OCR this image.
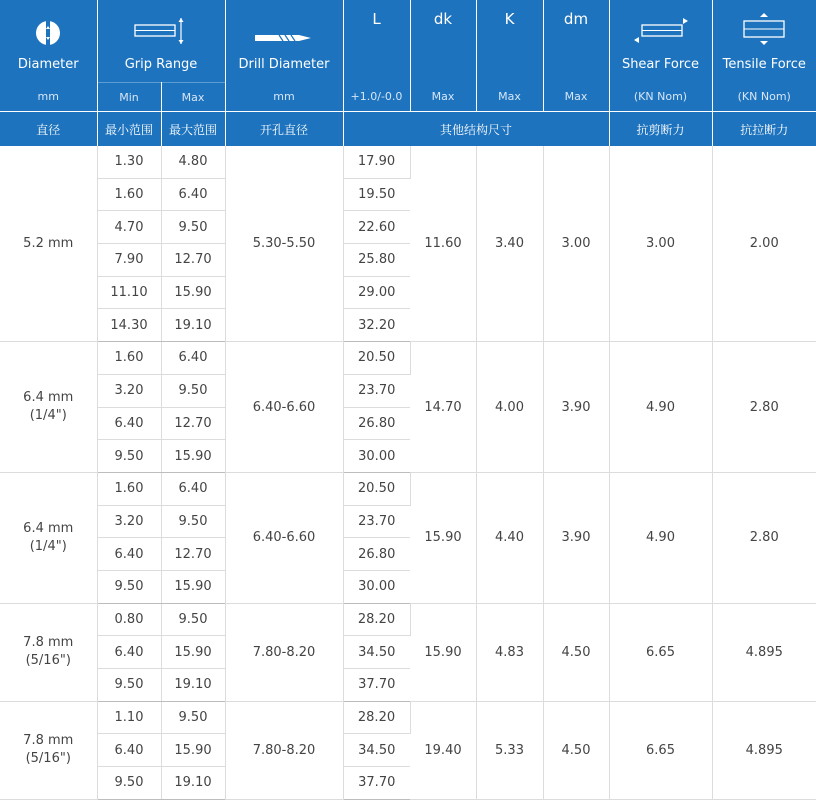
	L	dk	K	dm	

Diameter	Grip Range		Drill Diameter					Shear Force	Tensile Force
mm	Min	Max	mm	+1.0/-0.0	Max	Max	Max	(KN Nom)	(KN Nom)
直径	最小范围	最大范围	开孔直径	其他结构尺寸				抗剪断力	抗拉断力

5.2 mm	1.30	4.80	5.30-5.50	17.90	11.60	3.40	3.00	3.00	2.00
	1.60	6.40		19.50					
	4.70	9.50		22.60					
	7.90	12.70		25.80					
	11.10	15.90		29.00					
	14.30	19.10		32.20					

6.4 mm
(1/4")	1.60	6.40	6.40-6.60	20.50	14.70	4.00	3.90	4.90	2.80
	3.20	9.50		23.70					
	6.40	12.70		26.80					
	9.50	15.90		30.00					

6.4 mm
(1/4")	1.60	6.40	6.40-6.60	20.50	15.90	4.40	3.90	4.90	2.80
	3.20	9.50		23.70					
	6.40	12.70		26.80					
	9.50	15.90		30.00					

7.8 mm
(5/16")	0.80	9.50	7.80-8.20	28.20	15.90	4.83	4.50	6.65	4.895
	6.40	15.90		34.50					
	9.50	19.10		37.70					

7.8 mm
(5/16")	1.10	9.50	7.80-8.20	28.20	19.40	5.33	4.50	6.65	4.895
	6.40	15.90		34.50					
	9.50	19.10		37.70					
